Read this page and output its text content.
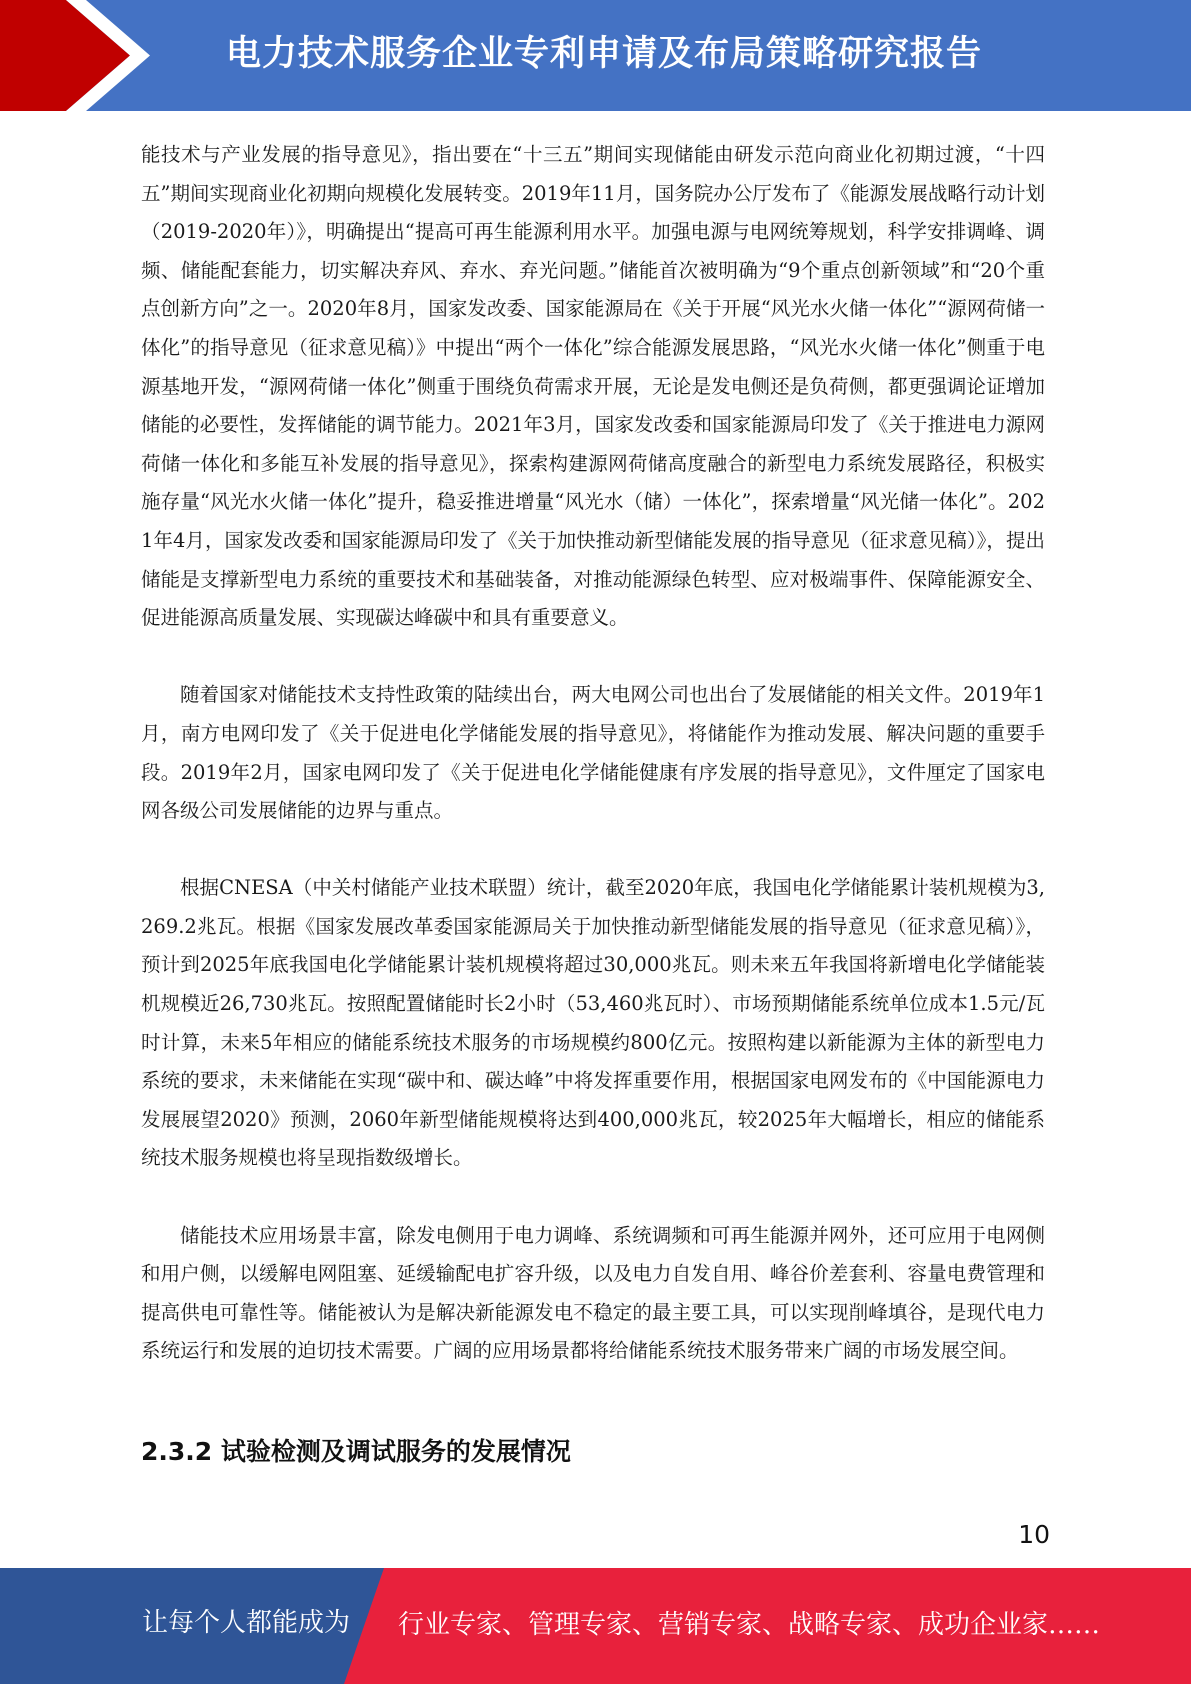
电力技术服务企业专利申请及布局策略研究报告

能技术与产业发展的指导意见》，指出要在“十三五”期间实现储能由研发示范向商业化初期过渡，“十四五”期间实现商业化初期向规模化发展转变。2019年11月，国务院办公厅发布了《能源发展战略行动计划（2019-2020年）》，明确提出“提高可再生能源利用水平。加强电源与电网统筹规划，科学安排调峰、调频、储能配套能力，切实解决弃风、弃水、弃光问题。”储能首次被明确为“9个重点创新领域”和“20个重点创新方向”之一。2020年8月，国家发改委、国家能源局在《关于开展“风光水火储一体化”“源网荷储一体化”的指导意见（征求意见稿）》中提出“两个一体化”综合能源发展思路，“风光水火储一体化”侧重于电源基地开发，“源网荷储一体化”侧重于围绕负荷需求开展，无论是发电侧还是负荷侧，都更强调论证增加储能的必要性，发挥储能的调节能力。2021年3月，国家发改委和国家能源局印发了《关于推进电力源网荷储一体化和多能互补发展的指导意见》，探索构建源网荷储高度融合的新型电力系统发展路径，积极实施存量“风光水火储一体化”提升，稳妥推进增量“风光水（储）一体化”，探索增量“风光储一体化”。2021年4月，国家发改委和国家能源局印发了《关于加快推动新型储能发展的指导意见（征求意见稿）》，提出储能是支撑新型电力系统的重要技术和基础装备，对推动能源绿色转型、应对极端事件、保障能源安全、促进能源高质量发展、实现碳达峰碳中和具有重要意义。

随着国家对储能技术支持性政策的陆续出台，两大电网公司也出台了发展储能的相关文件。2019年1月，南方电网印发了《关于促进电化学储能发展的指导意见》，将储能作为推动发展、解决问题的重要手段。2019年2月，国家电网印发了《关于促进电化学储能健康有序发展的指导意见》，文件厘定了国家电网各级公司发展储能的边界与重点。

根据CNESA（中关村储能产业技术联盟）统计，截至2020年底，我国电化学储能累计装机规模为3,269.2兆瓦。根据《国家发展改革委国家能源局关于加快推动新型储能发展的指导意见（征求意见稿）》，预计到2025年底我国电化学储能累计装机规模将超过30,000兆瓦。则未来五年我国将新增电化学储能装机规模近26,730兆瓦。按照配置储能时长2小时（53,460兆瓦时）、市场预期储能系统单位成本1.5元/瓦时计算，未来5年相应的储能系统技术服务的市场规模约800亿元。按照构建以新能源为主体的新型电力系统的要求，未来储能在实现“碳中和、碳达峰”中将发挥重要作用，根据国家电网发布的《中国能源电力发展展望2020》预测，2060年新型储能规模将达到400,000兆瓦，较2025年大幅增长，相应的储能系统技术服务规模也将呈现指数级增长。

储能技术应用场景丰富，除发电侧用于电力调峰、系统调频和可再生能源并网外，还可应用于电网侧和用户侧，以缓解电网阻塞、延缓输配电扩容升级，以及电力自发自用、峰谷价差套利、容量电费管理和提高供电可靠性等。储能被认为是解决新能源发电不稳定的最主要工具，可以实现削峰填谷，是现代电力系统运行和发展的迫切技术需要。广阔的应用场景都将给储能系统技术服务带来广阔的市场发展空间。

2.3.2 试验检测及调试服务的发展情况
10
让每个人都能成为 行业专家、管理专家、营销专家、战略专家、成功企业家……
